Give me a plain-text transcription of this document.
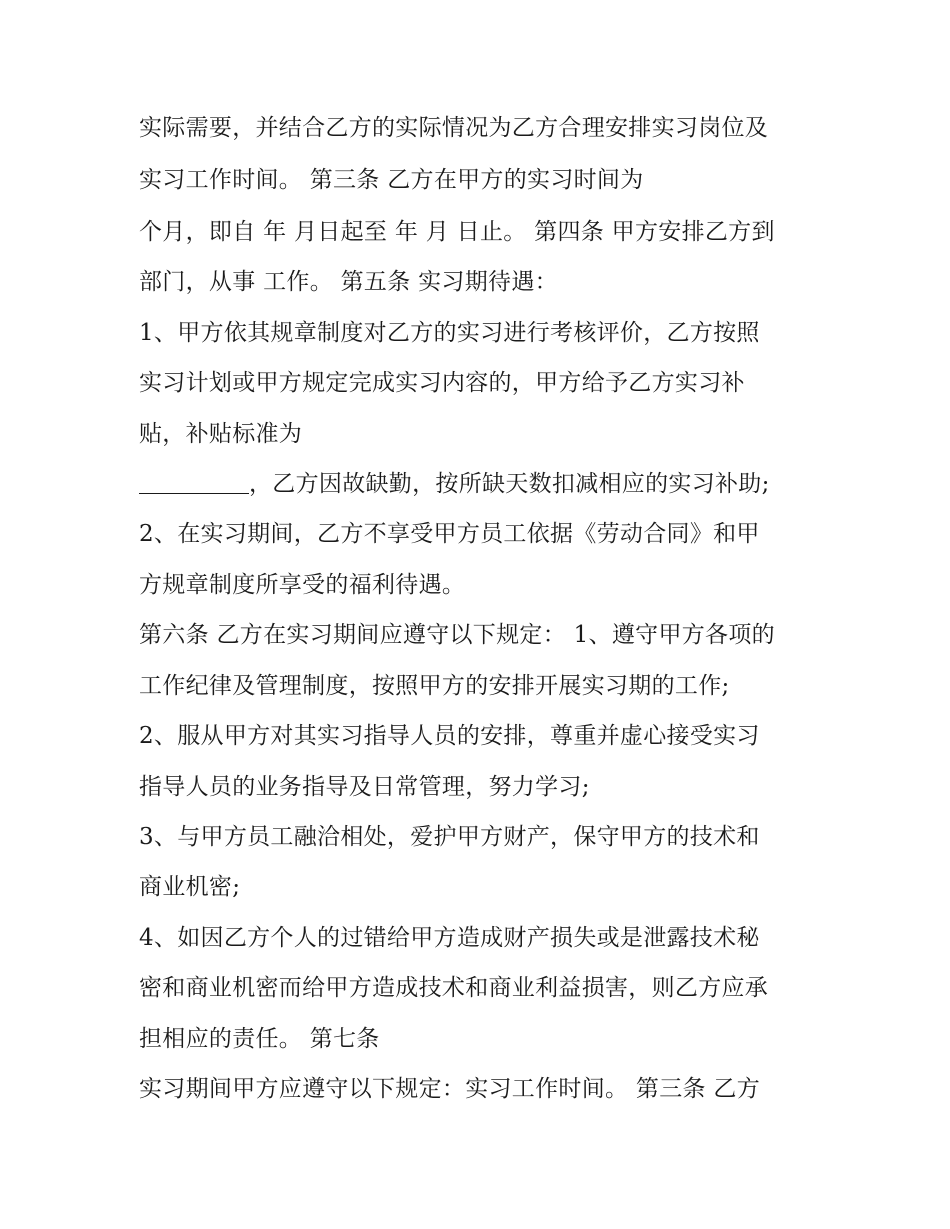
实际需要，并结合乙方的实际情况为乙方合理安排实习岗位及
实习工作时间。 第三条 乙方在甲方的实习时间为
个月，即自 年 月日起至 年 月 日止。 第四条 甲方安排乙方到
部门，从事 工作。 第五条 实习期待遇：
1、甲方依其规章制度对乙方的实习进行考核评价，乙方按照
实习计划或甲方规定完成实习内容的，甲方给予乙方实习补
贴，补贴标准为
，乙方因故缺勤，按所缺天数扣减相应的实习补助;
2、在实习期间，乙方不享受甲方员工依据《劳动合同》和甲
方规章制度所享受的福利待遇。
第六条 乙方在实习期间应遵守以下规定： 1、遵守甲方各项的
工作纪律及管理制度，按照甲方的安排开展实习期的工作;
2、服从甲方对其实习指导人员的安排，尊重并虚心接受实习
指导人员的业务指导及日常管理，努力学习;
3、与甲方员工融洽相处，爱护甲方财产，保守甲方的技术和
商业机密;
4、如因乙方个人的过错给甲方造成财产损失或是泄露技术秘
密和商业机密而给甲方造成技术和商业利益损害，则乙方应承
担相应的责任。 第七条
实习期间甲方应遵守以下规定：实习工作时间。 第三条 乙方
